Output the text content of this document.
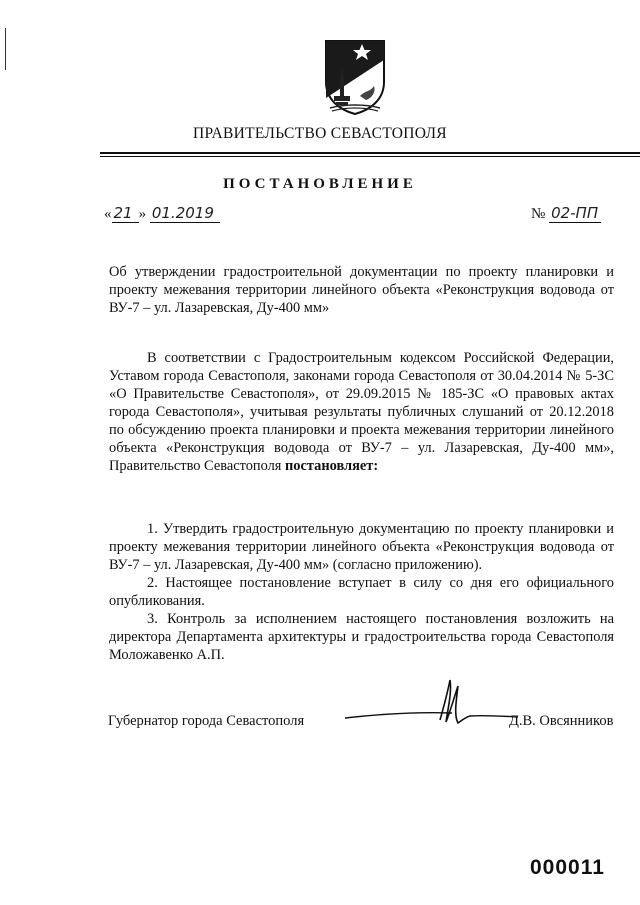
ПРАВИТЕЛЬСТВО СЕВАСТОПОЛЯ
ПОСТАНОВЛЕНИЕ
« 21 » 01.2019	№ 02-ПП
Об утверждении градостроительной документации по проекту планировки и проекту межевания территории линейного объекта «Реконструкция водовода от ВУ-7 – ул. Лазаревская, Ду-400 мм»
В соответствии с Градостроительным кодексом Российской Федерации, Уставом города Севастополя, законами города Севастополя от 30.04.2014 № 5-ЗС «О Правительстве Севастополя», от 29.09.2015 № 185-ЗС «О правовых актах города Севастополя», учитывая результаты публичных слушаний от 20.12.2018 по обсуждению проекта планировки и проекта межевания территории линейного объекта «Реконструкция водовода от ВУ-7 – ул. Лазаревская, Ду-400 мм», Правительство Севастополя постановляет:

1. Утвердить градостроительную документацию по проекту планировки и проекту межевания территории линейного объекта «Реконструкция водовода от ВУ-7 – ул. Лазаревская, Ду-400 мм» (согласно приложению).

2. Настоящее постановление вступает в силу со дня его официального опубликования.

3. Контроль за исполнением настоящего постановления возложить на директора Департамента архитектуры и градостроительства города Севастополя Моложавенко А.П.

Губернатор города Севастополя	Д.В. Овсянников
000011
